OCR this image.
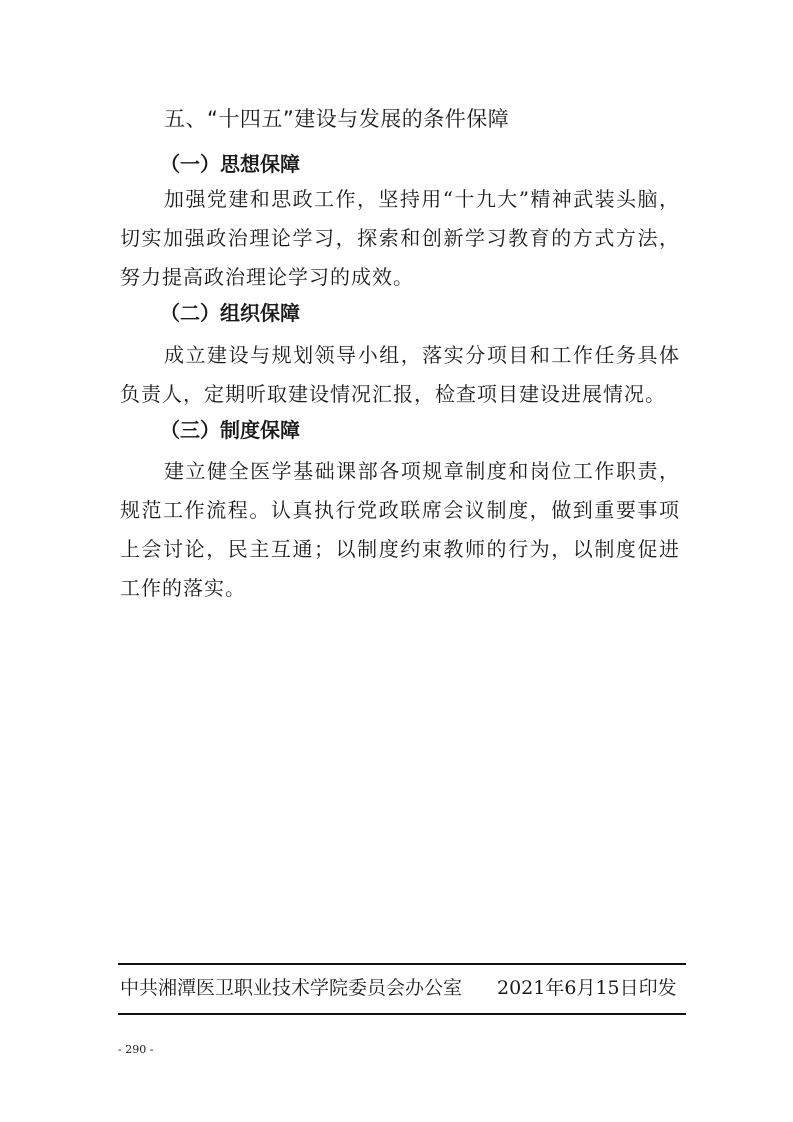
五、“十四五”建设与发展的条件保障
（一）思想保障
加强党建和思政工作，坚持用“十九大”精神武装头脑，切实加强政治理论学习，探索和创新学习教育的方式方法，努力提高政治理论学习的成效。
（二）组织保障
成立建设与规划领导小组，落实分项目和工作任务具体负责人，定期听取建设情况汇报，检查项目建设进展情况。
（三）制度保障
建立健全医学基础课部各项规章制度和岗位工作职责，规范工作流程。认真执行党政联席会议制度，做到重要事项上会讨论，民主互通；以制度约束教师的行为，以制度促进工作的落实。
中共湘潭医卫职业技术学院委员会办公室 2021年6月15日印发
- 290 -
